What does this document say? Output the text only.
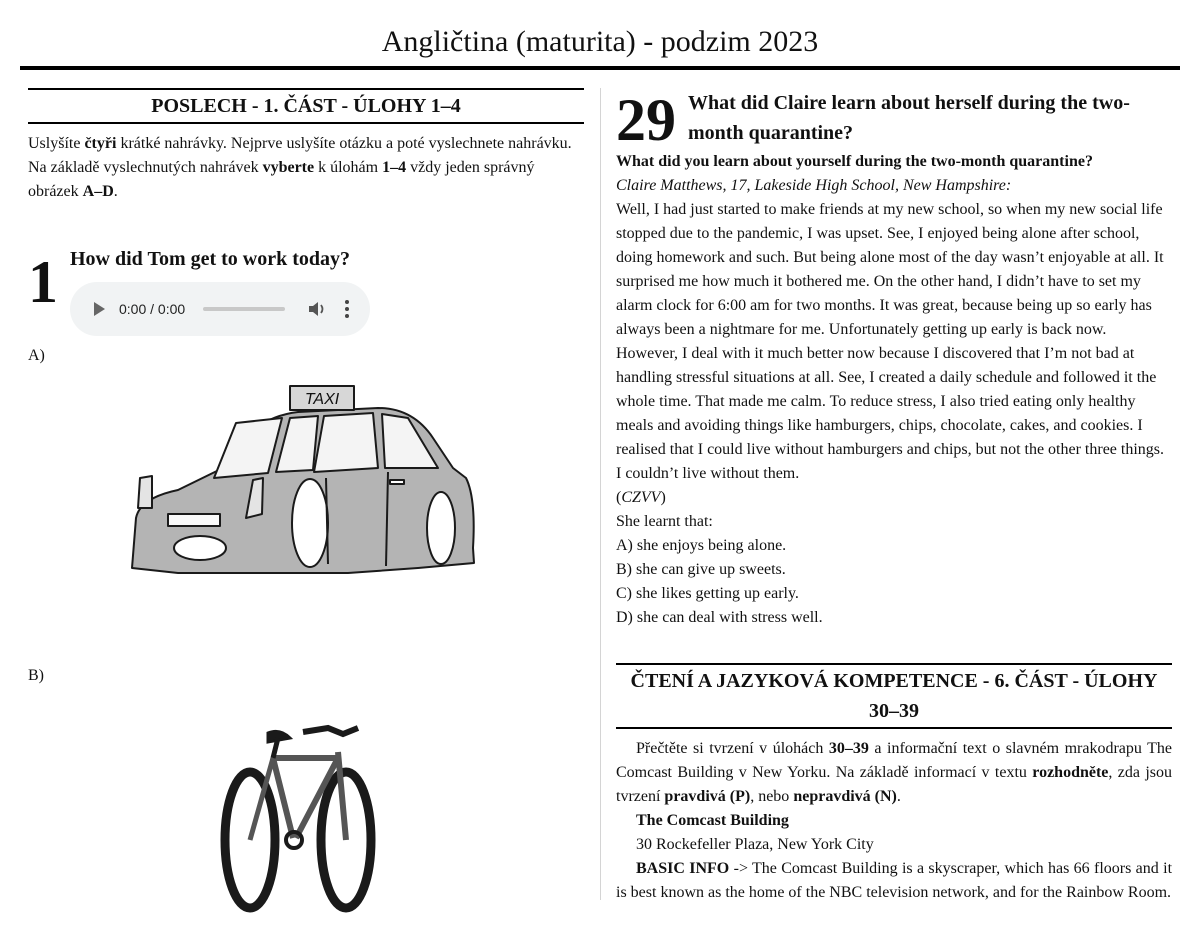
Angličtina (maturita) - podzim 2023
POSLECH - 1. ČÁST - ÚLOHY 1–4

Uslyšíte čtyři krátké nahrávky. Nejprve uslyšíte otázku a poté vyslechnete nahrávku. Na základě vyslechnutých nahrávek vyberte k úlohám 1–4 vždy jeden správný obrázek A–D.

1 How did Tom get to work today?
0:00 / 0:00
A)
TAXI
B)
29 What did Claire learn about herself during the two-month quarantine?

What did you learn about yourself during the two-month quarantine?

Claire Matthews, 17, Lakeside High School, New Hampshire:

Well, I had just started to make friends at my new school, so when my new social life stopped due to the pandemic, I was upset. See, I enjoyed being alone after school, doing homework and such. But being alone most of the day wasn’t enjoyable at all. It surprised me how much it bothered me. On the other hand, I didn’t have to set my alarm clock for 6:00 am for two months. It was great, because being up so early has always been a nightmare for me. Unfortunately getting up early is back now. However, I deal with it much better now because I discovered that I’m not bad at handling stressful situations at all. See, I created a daily schedule and followed it the whole time. That made me calm. To reduce stress, I also tried eating only healthy meals and avoiding things like hamburgers, chips, chocolate, cakes, and cookies. I realised that I could live without hamburgers and chips, but not the other three things. I couldn’t live without them.

(CZVV)

She learnt that:

A) she enjoys being alone.

B) she can give up sweets.

C) she likes getting up early.

D) she can deal with stress well.

ČTENÍ A JAZYKOVÁ KOMPETENCE - 6. ČÁST - ÚLOHY 30–39

Přečtěte si tvrzení v úlohách 30–39 a informační text o slavném mrakodrapu The Comcast Building v New Yorku. Na základě informací v textu rozhodněte, zda jsou tvrzení pravdivá (P), nebo nepravdivá (N).

The Comcast Building

30 Rockefeller Plaza, New York City

BASIC INFO -> The Comcast Building is a skyscraper, which has 66 floors and it is best known as the home of the NBC television network, and for the Rainbow Room.
